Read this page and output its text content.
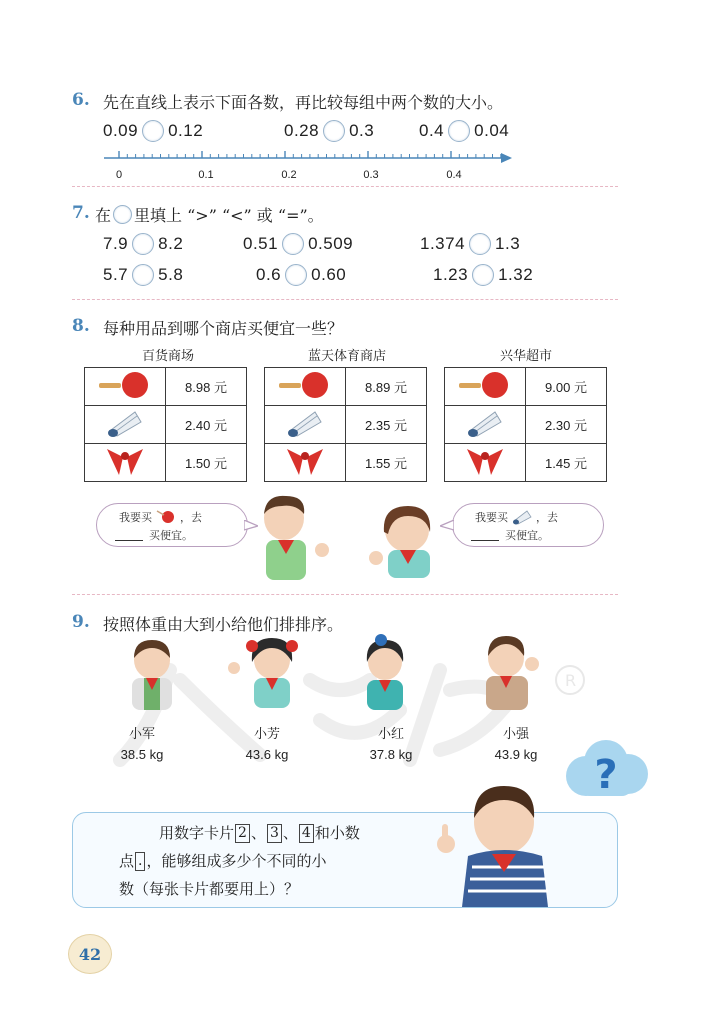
6. 先在直线上表示下面各数，再比较每组中两个数的大小。
0.09 0.12	0.28 0.3	0.4 0.04
0	0.1	0.2	0.3	0.4
7. 在 里填上 “>” “<” 或 “=”。
7.9 8.2	0.51 0.509	1.374 1.3
5.7 5.8	0.6 0.60	1.23 1.32
8. 每种用品到哪个商店买便宜一些？
百货商场	蓝天体育商店	兴华超市
	8.98 元
	2.40 元
	1.50 元
	8.89 元
	2.35 元
	1.55 元
	9.00 元
	2.30 元
	1.45 元
我要买	，去
买便宜。
我要买	，去
买便宜。
9. 按照体重由大到小给他们排排序。
R
小军
38.5 kg
小芳
43.6 kg
小红
37.8 kg
小强
43.9 kg	?
用数字卡片 2 、 3 、 4 和小数
点 . ，能够组成多少个不同的小
数（每张卡片都要用上）？
42
